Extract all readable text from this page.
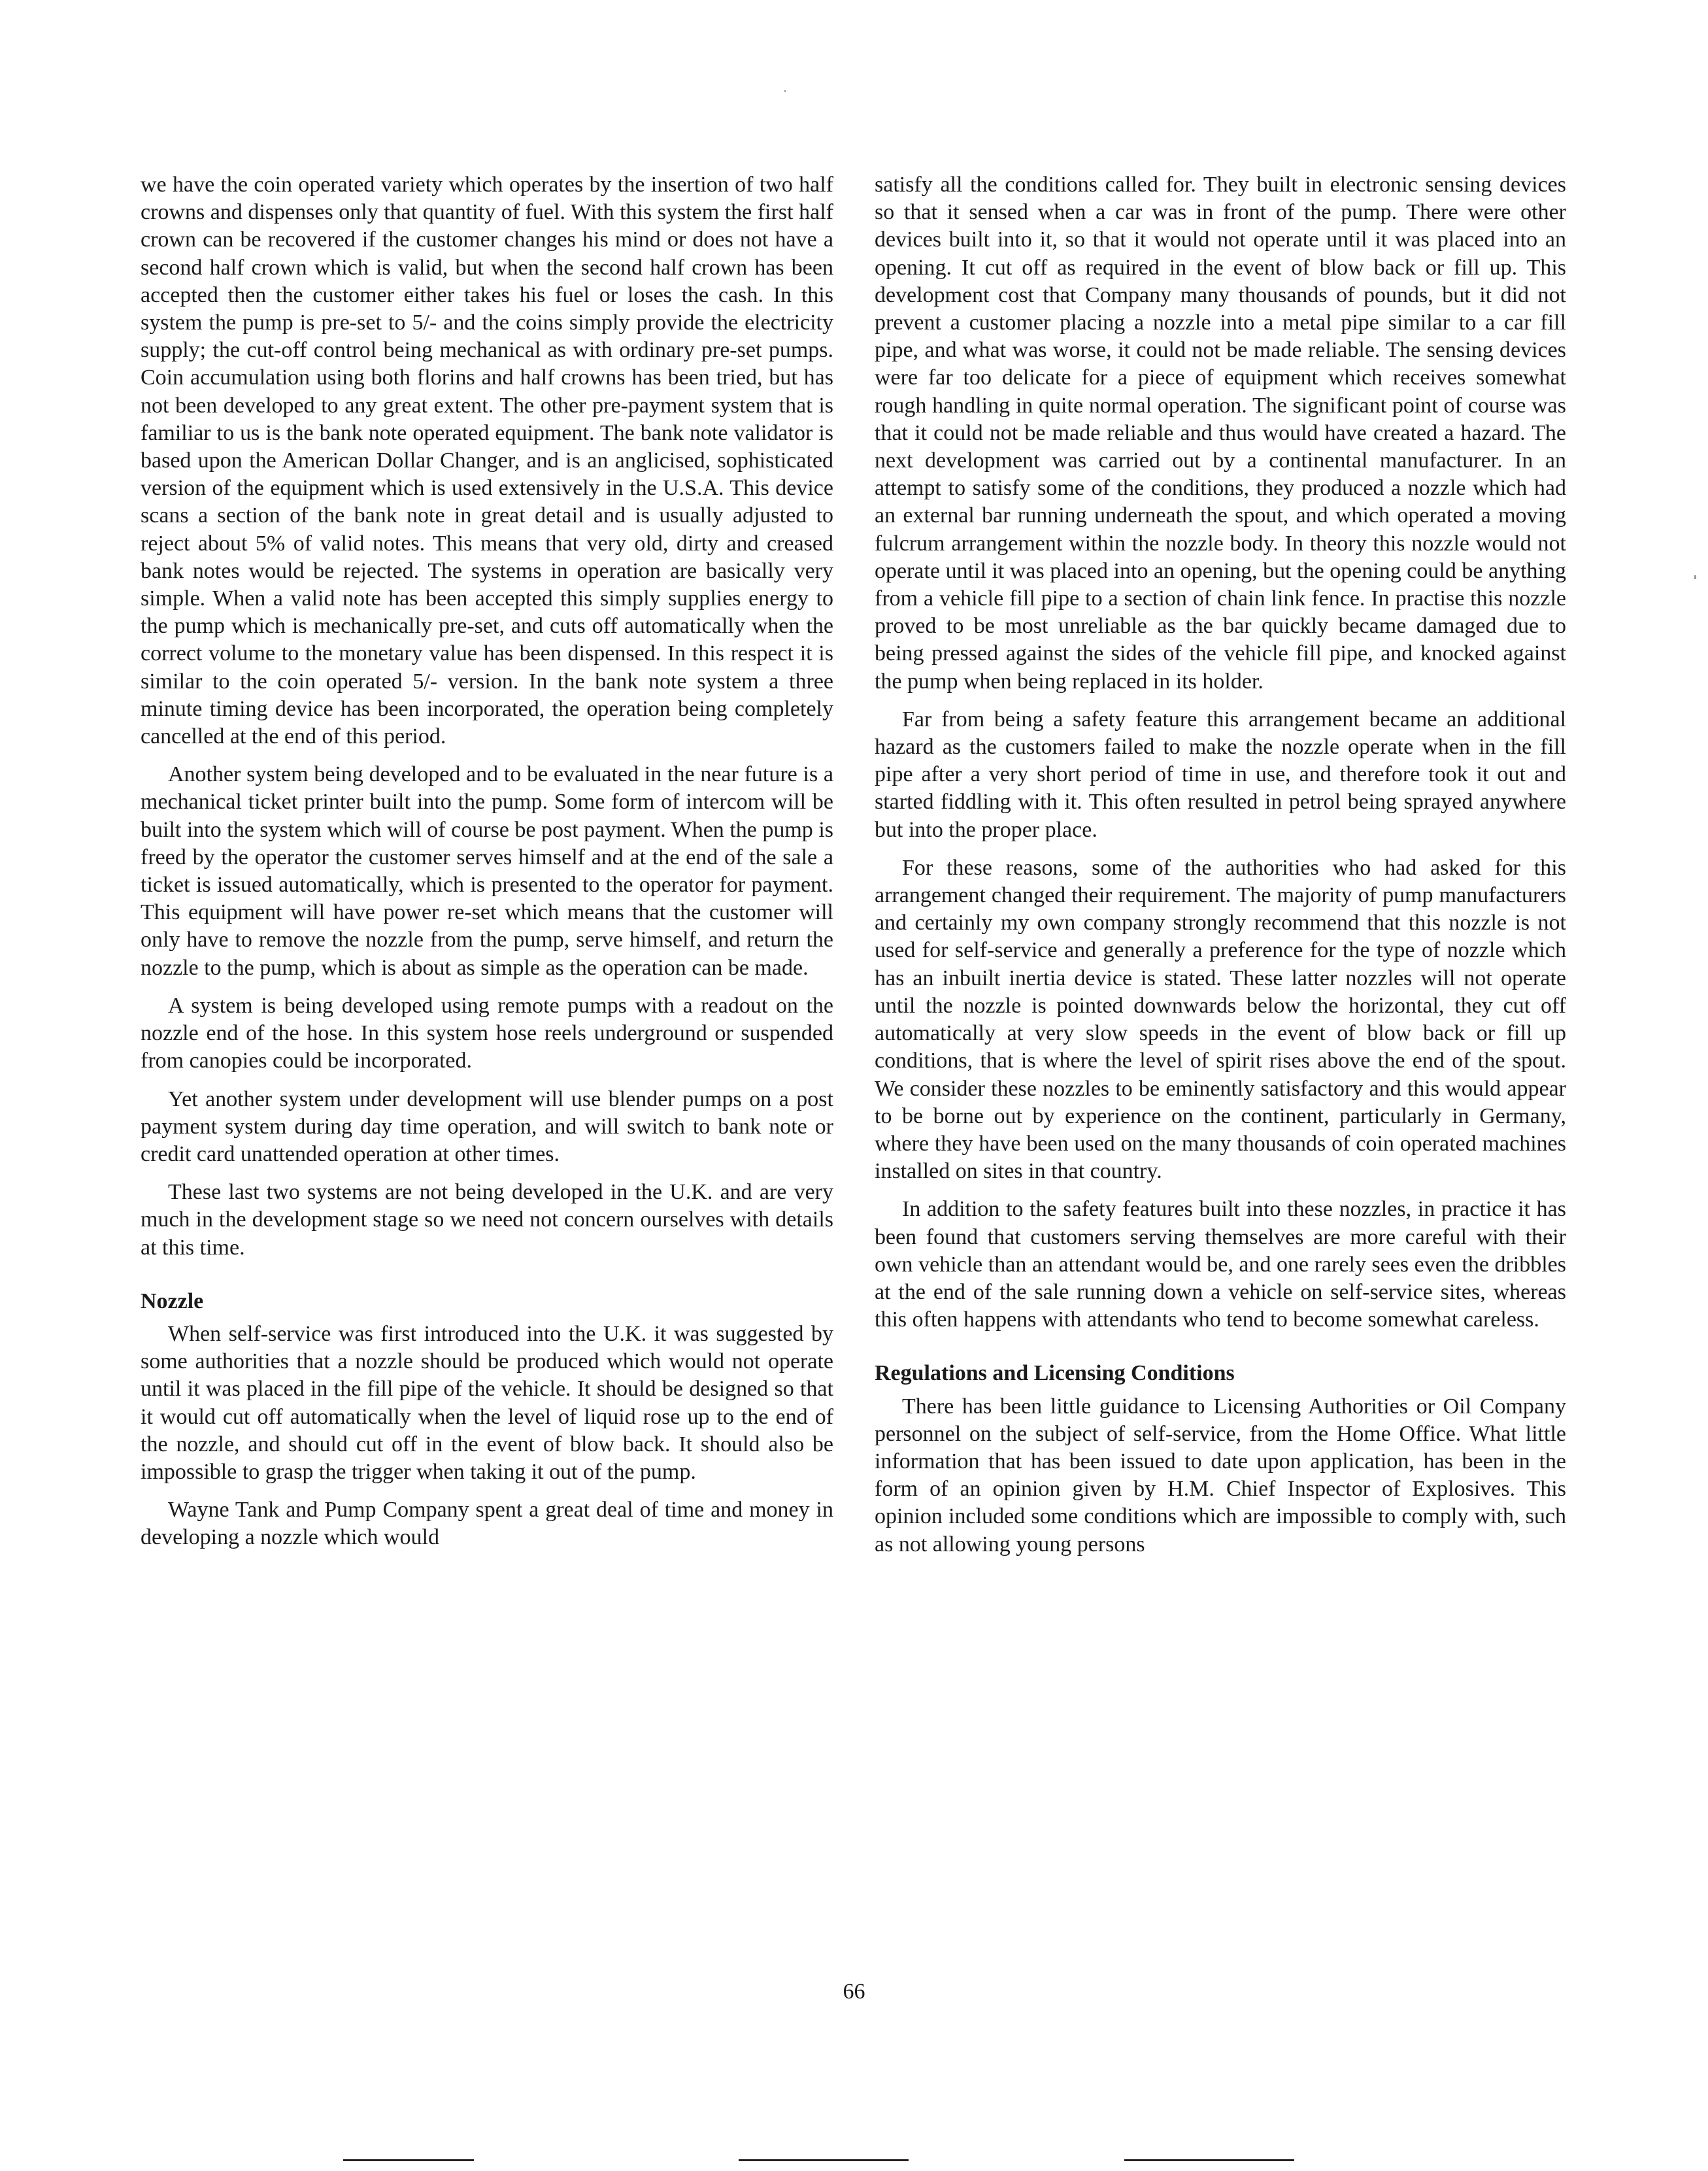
we have the coin operated variety which operates by the insertion of two half crowns and dispenses only that quantity of fuel. With this system the first half crown can be recovered if the customer changes his mind or does not have a second half crown which is valid, but when the second half crown has been accepted then the customer either takes his fuel or loses the cash. In this system the pump is pre-set to 5/- and the coins simply provide the electricity supply; the cut-off control being mechanical as with ordinary pre-set pumps. Coin accumulation using both florins and half crowns has been tried, but has not been developed to any great extent. The other pre-payment system that is familiar to us is the bank note operated equipment. The bank note validator is based upon the American Dollar Changer, and is an anglicised, sophisticated version of the equipment which is used extensively in the U.S.A. This device scans a section of the bank note in great detail and is usually adjusted to reject about 5% of valid notes. This means that very old, dirty and creased bank notes would be rejected. The systems in operation are basically very simple. When a valid note has been accepted this simply supplies energy to the pump which is mechanically pre-set, and cuts off automatically when the correct volume to the monetary value has been dispensed. In this respect it is similar to the coin operated 5/- version. In the bank note system a three minute timing device has been incorporated, the operation being completely cancelled at the end of this period.

Another system being developed and to be evaluated in the near future is a mechanical ticket printer built into the pump. Some form of intercom will be built into the system which will of course be post payment. When the pump is freed by the operator the customer serves himself and at the end of the sale a ticket is issued automatically, which is presented to the operator for payment. This equipment will have power re-set which means that the customer will only have to remove the nozzle from the pump, serve himself, and return the nozzle to the pump, which is about as simple as the operation can be made.

A system is being developed using remote pumps with a readout on the nozzle end of the hose. In this system hose reels underground or suspended from canopies could be incorporated.

Yet another system under development will use blender pumps on a post payment system during day time operation, and will switch to bank note or credit card unattended operation at other times.

These last two systems are not being developed in the U.K. and are very much in the development stage so we need not concern ourselves with details at this time.

Nozzle

When self-service was first introduced into the U.K. it was suggested by some authorities that a nozzle should be produced which would not operate until it was placed in the fill pipe of the vehicle. It should be designed so that it would cut off automatically when the level of liquid rose up to the end of the nozzle, and should cut off in the event of blow back. It should also be impossible to grasp the trigger when taking it out of the pump.

Wayne Tank and Pump Company spent a great deal of time and money in developing a nozzle which would

satisfy all the conditions called for. They built in electronic sensing devices so that it sensed when a car was in front of the pump. There were other devices built into it, so that it would not operate until it was placed into an opening. It cut off as required in the event of blow back or fill up. This development cost that Company many thousands of pounds, but it did not prevent a customer placing a nozzle into a metal pipe similar to a car fill pipe, and what was worse, it could not be made reliable. The sensing devices were far too delicate for a piece of equipment which receives somewhat rough handling in quite normal operation. The significant point of course was that it could not be made reliable and thus would have created a hazard. The next development was carried out by a continental manufacturer. In an attempt to satisfy some of the conditions, they produced a nozzle which had an external bar running underneath the spout, and which operated a moving fulcrum arrangement within the nozzle body. In theory this nozzle would not operate until it was placed into an opening, but the opening could be anything from a vehicle fill pipe to a section of chain link fence. In practise this nozzle proved to be most unreliable as the bar quickly became damaged due to being pressed against the sides of the vehicle fill pipe, and knocked against the pump when being replaced in its holder.

Far from being a safety feature this arrangement became an additional hazard as the customers failed to make the nozzle operate when in the fill pipe after a very short period of time in use, and therefore took it out and started fiddling with it. This often resulted in petrol being sprayed anywhere but into the proper place.

For these reasons, some of the authorities who had asked for this arrangement changed their requirement. The majority of pump manufacturers and certainly my own company strongly recommend that this nozzle is not used for self-service and generally a preference for the type of nozzle which has an inbuilt inertia device is stated. These latter nozzles will not operate until the nozzle is pointed downwards below the horizontal, they cut off automatically at very slow speeds in the event of blow back or fill up conditions, that is where the level of spirit rises above the end of the spout. We consider these nozzles to be eminently satisfactory and this would appear to be borne out by experience on the continent, particularly in Germany, where they have been used on the many thousands of coin operated machines installed on sites in that country.

In addition to the safety features built into these nozzles, in practice it has been found that customers serving themselves are more careful with their own vehicle than an attendant would be, and one rarely sees even the dribbles at the end of the sale running down a vehicle on self-service sites, whereas this often happens with attendants who tend to become somewhat careless.

Regulations and Licensing Conditions

There has been little guidance to Licensing Authorities or Oil Company personnel on the subject of self-service, from the Home Office. What little information that has been issued to date upon application, has been in the form of an opinion given by H.M. Chief Inspector of Explosives. This opinion included some conditions which are impossible to comply with, such as not allowing young persons

66
